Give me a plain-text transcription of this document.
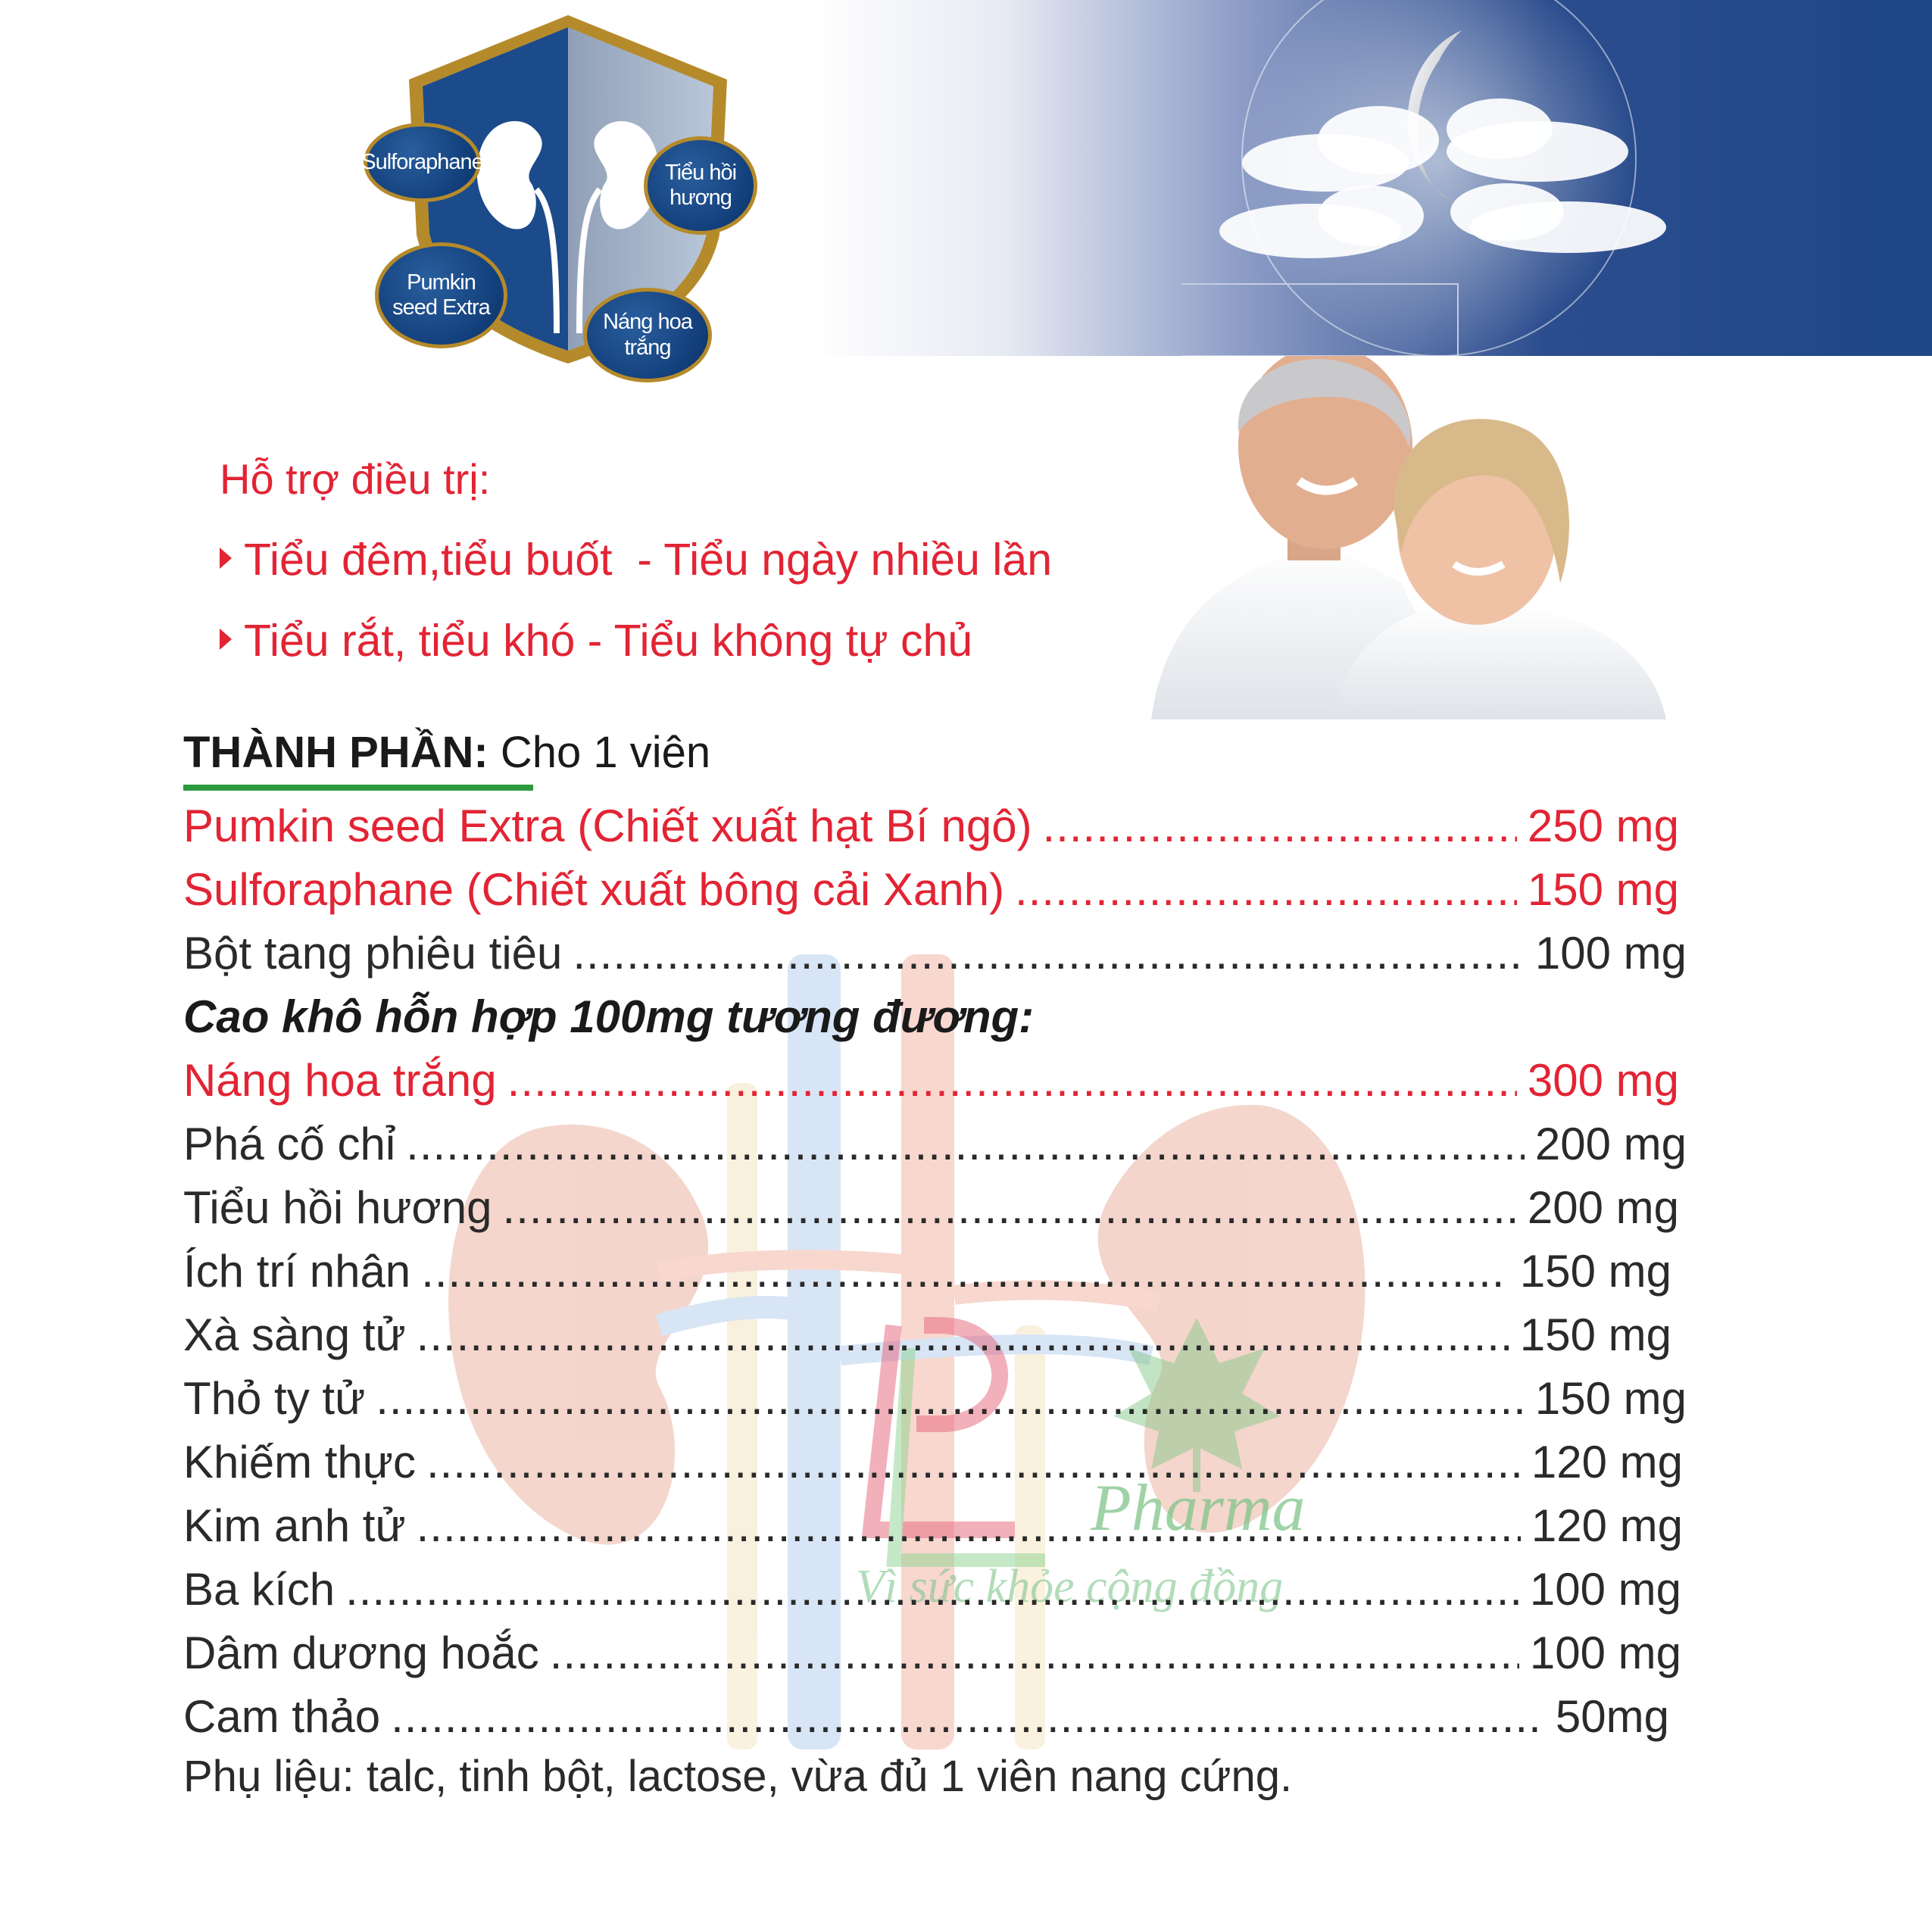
Sulforaphane	Tiểu hồi hương
Pumkin seed Extra
Náng hoa trắng
Hỗ trợ điều trị:
Tiểu đêm,tiểu buốt  - Tiểu ngày nhiều lần
Tiểu rắt, tiểu khó - Tiểu không tự chủ
Pharma
Vì sức khỏe cộng đồng
THÀNH PHẦN: Cho 1 viên
Pumkin seed Extra (Chiết xuất hạt Bí ngô) .....	250 mg
Sulforaphane (Chiết xuất bông cải Xanh) .....	150 mg
Bột tang phiêu tiêu .....	100 mg
Cao khô hỗn hợp 100mg tương đương:
Náng hoa trắng .....	300 mg
Phá cố chỉ .....	200 mg
Tiểu hồi hương .....	200 mg
Ích trí nhân .....	150 mg
Xà sàng tử .....	150 mg
Thỏ ty tử .....	150 mg
Khiếm thực .....	120 mg
Kim anh tử .....	120 mg
Ba kích .....	100 mg
Dâm dương hoắc .....	100 mg
Cam thảo .....	50mg
Phụ liệu: talc, tinh bột, lactose, vừa đủ 1 viên nang cứng.
